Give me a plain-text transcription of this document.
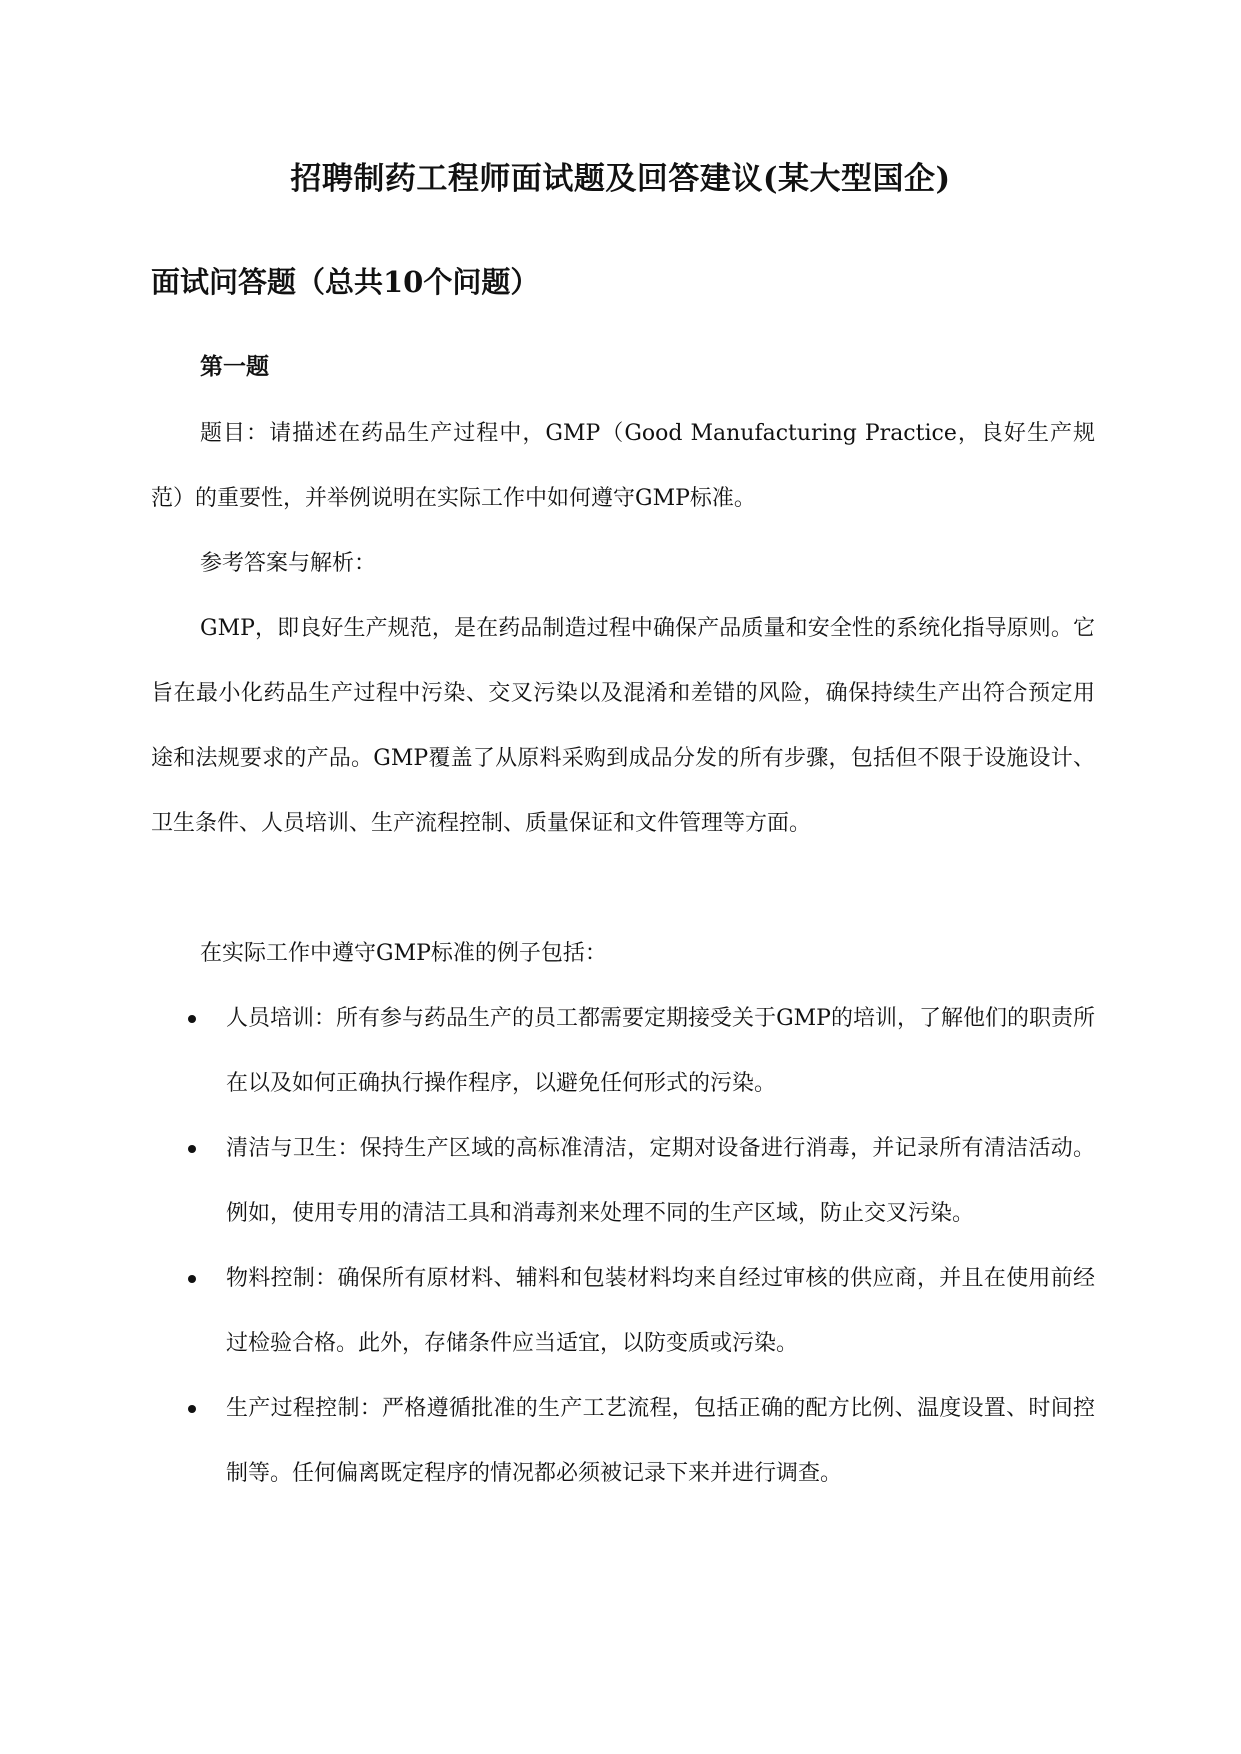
招聘制药工程师面试题及回答建议(某大型国企)
面试问答题（总共10个问题）
第一题

题目：请描述在药品生产过程中，GMP（Good Manufacturing Practice，良好生产规范）的重要性，并举例说明在实际工作中如何遵守GMP标准。

参考答案与解析：

GMP，即良好生产规范，是在药品制造过程中确保产品质量和安全性的系统化指导原则。它旨在最小化药品生产过程中污染、交叉污染以及混淆和差错的风险，确保持续生产出符合预定用途和法规要求的产品。GMP覆盖了从原料采购到成品分发的所有步骤，包括但不限于设施设计、卫生条件、人员培训、生产流程控制、质量保证和文件管理等方面。

在实际工作中遵守GMP标准的例子包括：

人员培训：所有参与药品生产的员工都需要定期接受关于GMP的培训，了解他们的职责所在以及如何正确执行操作程序，以避免任何形式的污染。
清洁与卫生：保持生产区域的高标准清洁，定期对设备进行消毒，并记录所有清洁活动。例如，使用专用的清洁工具和消毒剂来处理不同的生产区域，防止交叉污染。
物料控制：确保所有原材料、辅料和包装材料均来自经过审核的供应商，并且在使用前经过检验合格。此外，存储条件应当适宜，以防变质或污染。
生产过程控制：严格遵循批准的生产工艺流程，包括正确的配方比例、温度设置、时间控制等。任何偏离既定程序的情况都必须被记录下来并进行调查。
